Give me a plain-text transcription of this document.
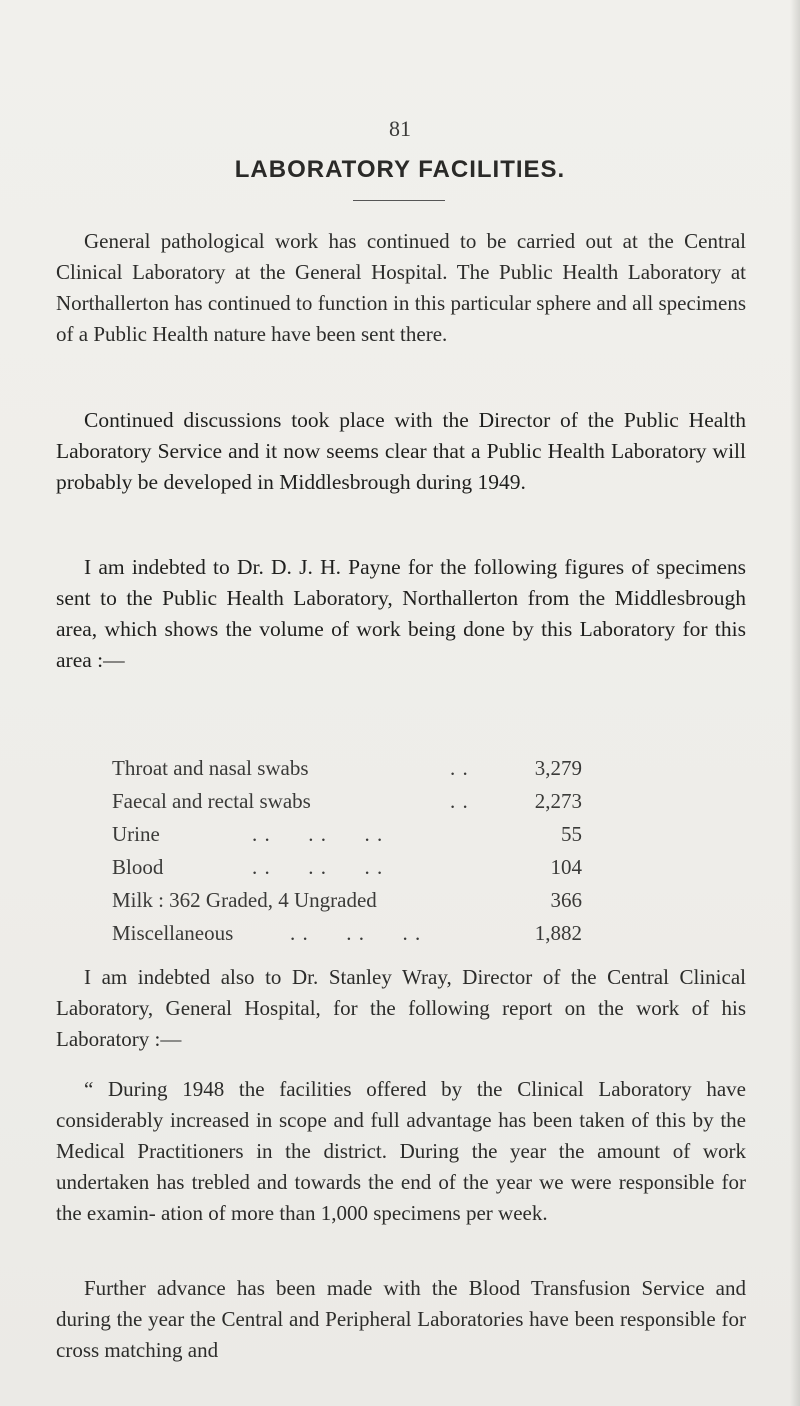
81
LABORATORY FACILITIES.

General pathological work has continued to be carried out at the Central Clinical Laboratory at the General Hospital. The Public Health Laboratory at Northallerton has continued to function in this particular sphere and all specimens of a Public Health nature have been sent there.

Continued discussions took place with the Director of the Public Health Laboratory Service and it now seems clear that a Public Health Laboratory will probably be developed in Middlesbrough during 1949.

I am indebted to Dr. D. J. H. Payne for the following figures of specimens sent to the Public Health Laboratory, Northallerton from the Middlesbrough area, which shows the volume of work being done by this Laboratory for this area :—

Throat and nasal swabs	. .	3,279
Faecal and rectal swabs	. .	2,273
Urine	. .      . .      . .	55
Blood	. .      . .      . .	104
Milk : 362 Graded, 4 Ungraded	366
Miscellaneous	. .      . .      . .	1,882

I am indebted also to Dr. Stanley Wray, Director of the Central Clinical Laboratory, General Hospital, for the following report on the work of his Laboratory :—

“ During 1948 the facilities offered by the Clinical Laboratory have considerably increased in scope and full advantage has been taken of this by the Medical Practitioners in the district. During the year the amount of work undertaken has trebled and towards the end of the year we were responsible for the examin- ation of more than 1,000 specimens per week.

Further advance has been made with the Blood Transfusion Service and during the year the Central and Peripheral Laboratories have been responsible for cross matching and
